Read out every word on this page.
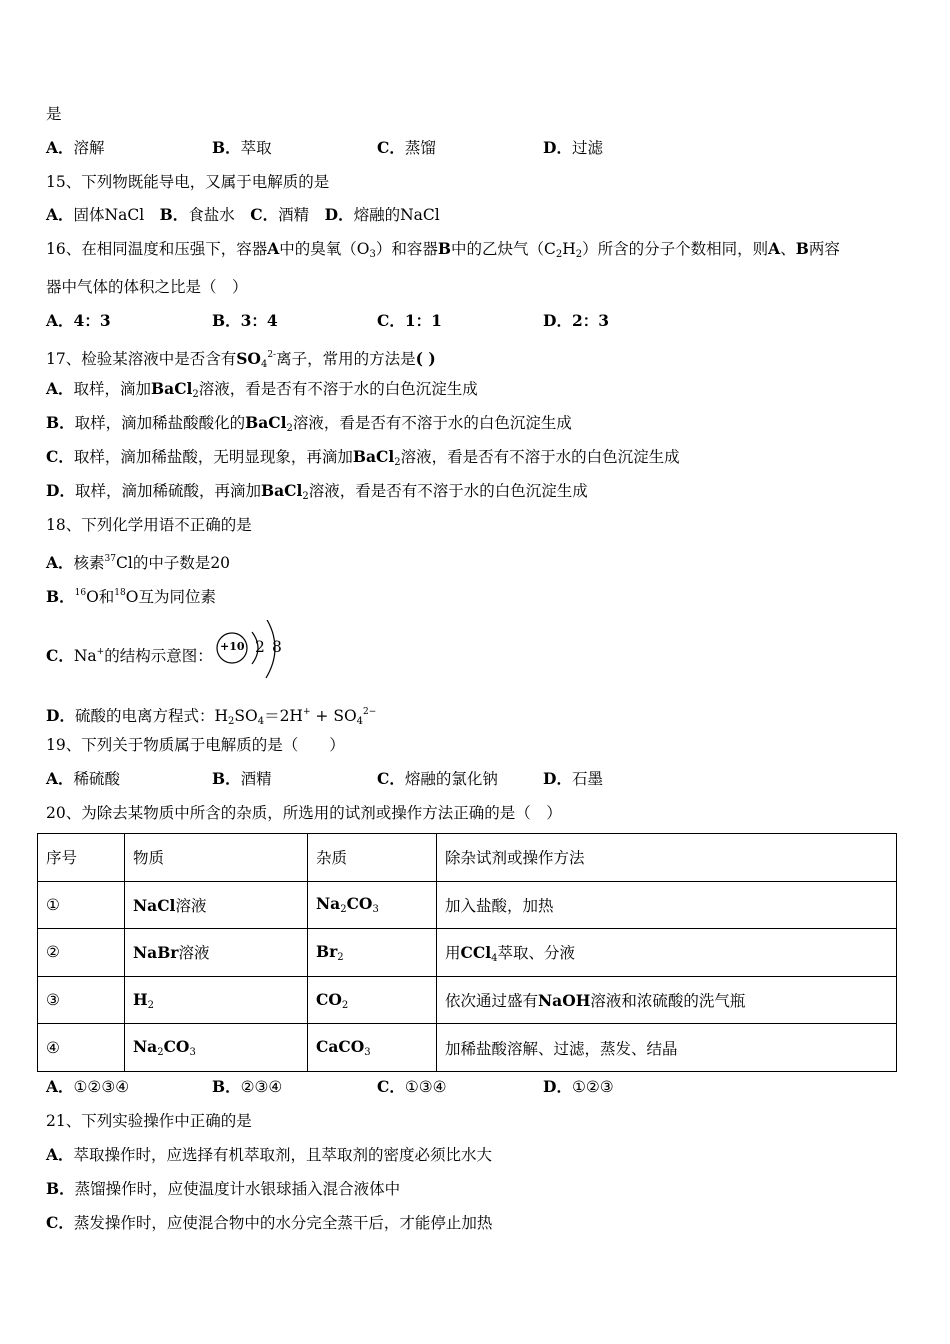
是
A．溶解	B．萃取	C．蒸馏	D．过滤
15、下列物既能导电，又属于电解质的是
A．固体NaCl　B．食盐水　C．酒精　D．熔融的NaCl
16、在相同温度和压强下，容器A中的臭氧$(O_3)$和容器B中的乙炔气$(C_2H_2)$所含的分子个数相同，则A、B两容
器中气体的体积之比是（　）
A．4：3	B．3：4	C．1：1	D．2：3
17、检验某溶液中是否含有$SO_4^{2-}$离子，常用的方法是( )
A．取样，滴加BaCl$_2$溶液，看是否有不溶于水的白色沉淀生成
B．取样，滴加稀盐酸酸化的BaCl$_2$溶液，看是否有不溶于水的白色沉淀生成
C．取样，滴加稀盐酸，无明显现象，再滴加BaCl$_2$溶液，看是否有不溶于水的白色沉淀生成
D．取样，滴加稀硫酸，再滴加BaCl$_2$溶液，看是否有不溶于水的白色沉淀生成
18、下列化学用语不正确的是
A．核素$^{37}$Cl的中子数是20
B．$^{16}$O和$^{18}$O互为同位素
C．Na+的结构示意图：
D．硫酸的电离方程式：$H_2SO_4=2H^+ + SO_4^{2-}$
19、下列关于物质属于电解质的是（　　）
A．稀硫酸	B．酒精	C．熔融的氯化钠	D．石墨
20、为除去某物质中所含的杂质，所选用的试剂或操作方法正确的是（　）
A．①②③④	B．②③④	C．①③④	D．①②③
21、下列实验操作中正确的是
A．萃取操作时，应选择有机萃取剂，且萃取剂的密度必须比水大
B．蒸馏操作时，应使温度计水银球插入混合液体中
C．蒸发操作时，应使混合物中的水分完全蒸干后，才能停止加热
+10 2 8
序号	物质	杂质	除杂试剂或操作方法
①	NaCl溶液	$Na_2CO_3$	加入盐酸，加热
②	NaBr溶液	$Br_2$	用CCl$_4$萃取、分液
③	$H_2$	$CO_2$	依次通过盛有NaOH溶液和浓硫酸的洗气瓶
④	$Na_2CO_3$	CaCO$_3$	加稀盐酸溶解、过滤，蒸发、结晶
